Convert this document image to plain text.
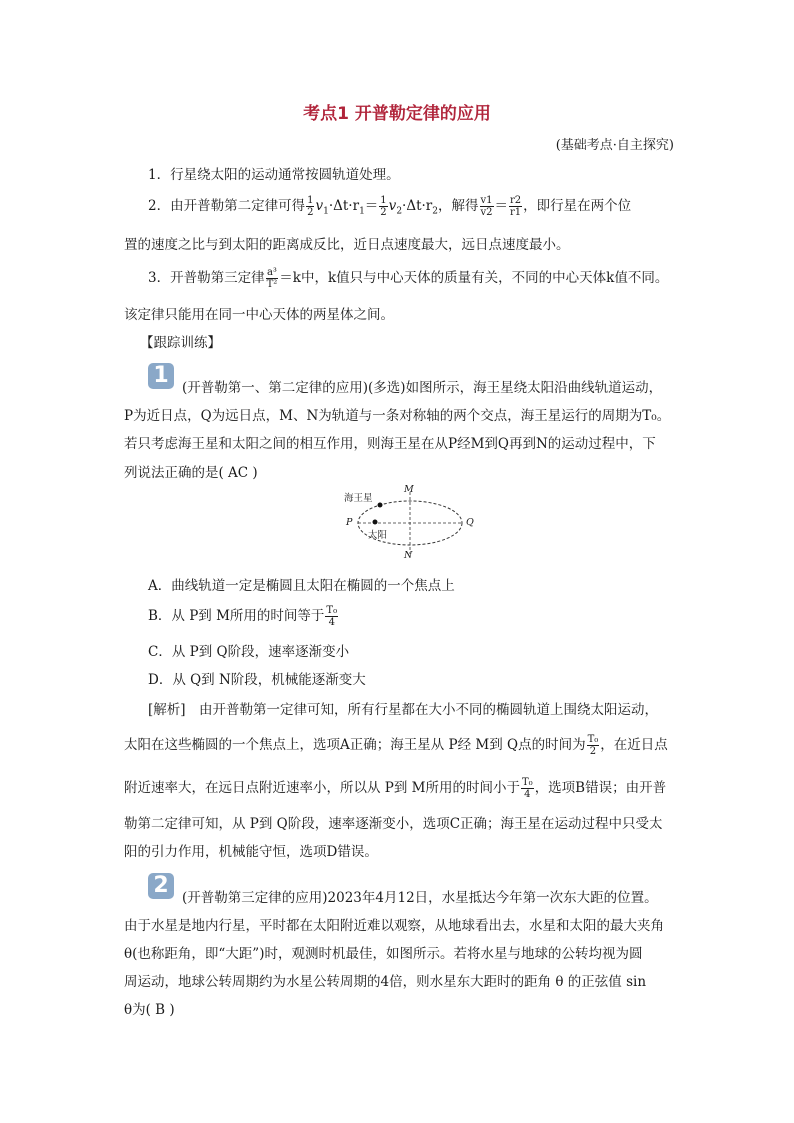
考点1 开普勒定律的应用
(基础考点·自主探究)
1．行星绕太阳的运动通常按圆轨道处理。
2．由开普勒第二定律可得 $\frac{1}{2} v_1\cdot\Delta t\cdot r_1= \frac{1}{2} v_2\cdot\Delta t\cdot r_2$，解得 $\frac{v1}{v2} = \frac{r2}{r1}$ ，即行星在两个位
置的速度之比与到太阳的距离成反比，近日点速度最大，远日点速度最小。
3．开普勒第三定律 $\frac{\text{a³}}{\text{T²}} =k$中，k值只与中心天体的质量有关，不同的中心天体k值不同。
该定律只能用在同一中心天体的两星体之间。
【跟踪训练】
1 (开普勒第一、第二定律的应用)(多选)如图所示，海王星绕太阳沿曲线轨道运动，
P为近日点，Q为远日点，M、N为轨道与一条对称轴的两个交点，海王星运行的周期为T₀。
若只考虑海王星和太阳之间的相互作用，则海王星在从P经M到Q再到N的运动过程中，下
列说法正确的是( AC )
海王星
太阳
P	Q
M
N
A．曲线轨道一定是椭圆且太阳在椭圆的一个焦点上
B．从 P到 M所用的时间等于 $\frac{\text{T₀}}{4}$
C．从 P到 Q阶段，速率逐渐变小
D．从 Q到 N阶段，机械能逐渐变大
[解析]　由开普勒第一定律可知，所有行星都在大小不同的椭圆轨道上围绕太阳运动，
太阳在这些椭圆的一个焦点上，选项A正确；海王星从 P经 M到 Q点的时间为 $\frac{\text{T₀}}{2}$ ，在近日点
附近速率大，在远日点附近速率小，所以从 P到 M所用的时间小于 $\frac{\text{T₀}}{4}$ ，选项B错误；由开普
勒第二定律可知，从 P到 Q阶段，速率逐渐变小，选项C正确；海王星在运动过程中只受太
阳的引力作用，机械能守恒，选项D错误。
2 (开普勒第三定律的应用)2023年4月12日，水星抵达今年第一次东大距的位置。
由于水星是地内行星，平时都在太阳附近难以观察，从地球看出去，水星和太阳的最大夹角
θ(也称距角，即“大距”)时，观测时机最佳，如图所示。若将水星与地球的公转均视为圆
周运动，地球公转周期约为水星公转周期的4倍，则水星东大距时的距角 θ 的正弦值 sin
θ为( B )
